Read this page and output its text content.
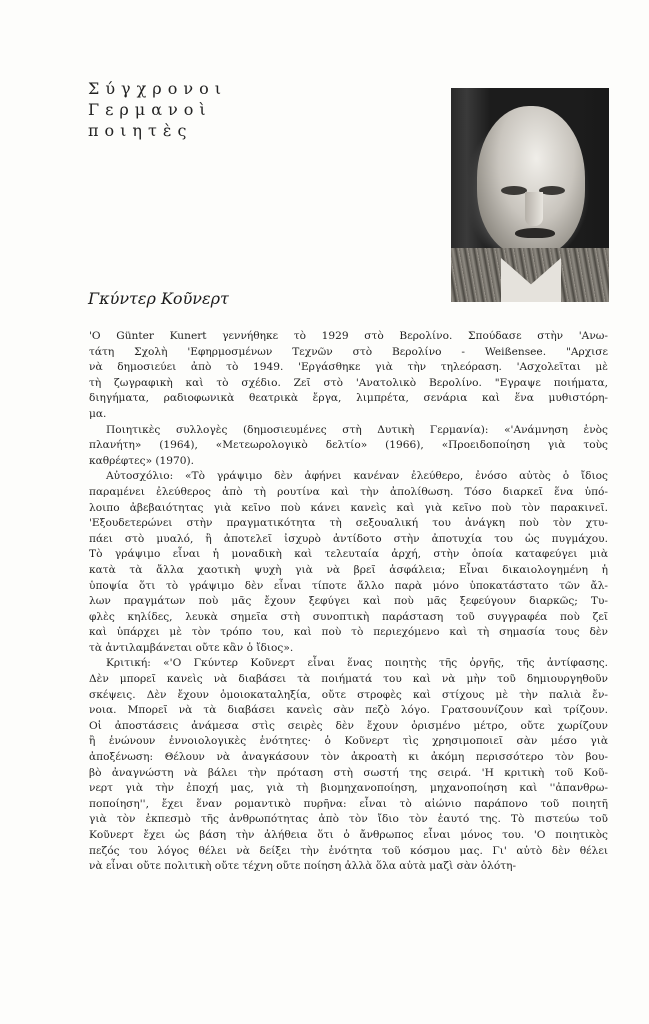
Σύγχρονοι
Γερμανοὶ
ποιητὲς
Γκύντερ Κοῦνερτ
'Ο Günter Kunert γεννήθηκε τὸ 1929 στὸ Βερολίνο. Σπούδασε στὴν 'Ανω-
τάτη Σχολὴ 'Εφηρμοσμένων Τεχνῶν στὸ Βερολίνο - Weißensee. "Αρχισε
νὰ δημοσιεύει ἀπὸ τὸ 1949. 'Εργάσθηκε γιὰ τὴν τηλεόραση. 'Ασχολεῖται μὲ
τὴ ζωγραφικὴ καὶ τὸ σχέδιο. Ζεῖ στὸ 'Ανατολικὸ Βερολίνο. "Εγραψε ποιήματα,
διηγήματα, ραδιοφωνικὰ θεατρικὰ ἔργα, λιμπρέτα, σενάρια καὶ ἕνα μυθιστόρη-
μα.
Ποιητικὲς συλλογὲς (δημοσιευμένες στὴ Δυτικὴ Γερμανία): «'Ανάμνηση ἑνὸς
πλανήτη» (1964), «Μετεωρολογικὸ δελτίο» (1966), «Προειδοποίηση γιὰ τοὺς
καθρέφτες» (1970).
Αὐτοσχόλιο: «Τὸ γράψιμο δὲν ἀφήνει κανέναν ἐλεύθερο, ἐνόσο αὐτὸς ὁ ἴδιος
παραμένει ἐλεύθερος ἀπὸ τὴ ρουτίνα καὶ τὴν ἀπολίθωση. Τόσο διαρκεῖ ἕνα ὑπό-
λοιπο ἀβεβαιότητας γιὰ κεῖνο ποὺ κάνει κανεὶς καὶ γιὰ κεῖνο ποὺ τὸν παρακινεῖ.
'Εξουδετερώνει στὴν πραγματικότητα τὴ σεξουαλική του ἀνάγκη ποὺ τὸν χτυ-
πάει στὸ μυαλό, ἢ ἀποτελεῖ ἰσχυρὸ ἀντίδοτο στὴν ἀποτυχία του ὡς πυγμάχου.
Τὸ γράψιμο εἶναι ἡ μοναδικὴ καὶ τελευταία ἀρχή, στὴν ὁποία καταφεύγει μιὰ
κατὰ τὰ ἄλλα χαοτικὴ ψυχὴ γιὰ νὰ βρεῖ ἀσφάλεια; Εἶναι δικαιολογημένη ἡ
ὑποψία ὅτι τὸ γράψιμο δὲν εἶναι τίποτε ἄλλο παρὰ μόνο ὑποκατάστατο τῶν ἄλ-
λων πραγμάτων ποὺ μᾶς ἔχουν ξεφύγει καὶ ποὺ μᾶς ξεφεύγουν διαρκῶς; Τυ-
φλὲς κηλίδες, λευκὰ σημεῖα στὴ συνοπτικὴ παράσταση τοῦ συγγραφέα ποὺ ζεῖ
καὶ ὑπάρχει μὲ τὸν τρόπο του, καὶ ποὺ τὸ περιεχόμενο καὶ τὴ σημασία τους δὲν
τὰ ἀντιλαμβάνεται οὔτε κἂν ὁ ἴδιος».
Κριτική: «'Ο Γκύντερ Κοῦνερτ εἶναι ἕνας ποιητὴς τῆς ὀργῆς, τῆς ἀντίφασης.
Δὲν μπορεῖ κανεὶς νὰ διαβάσει τὰ ποιήματά του καὶ νὰ μὴν τοῦ δημιουργηθοῦν
σκέψεις. Δὲν ἔχουν ὁμοιοκαταληξία, οὔτε στροφὲς καὶ στίχους μὲ τὴν παλιὰ ἔν-
νοια. Μπορεῖ νὰ τὰ διαβάσει κανεὶς σὰν πεζὸ λόγο. Γρατσουνίζουν καὶ τρίζουν.
Οἱ ἀποστάσεις ἀνάμεσα στὶς σειρὲς δὲν ἔχουν ὁρισμένο μέτρο, οὔτε χωρίζουν
ἢ ἑνώνουν ἐννοιολογικὲς ἑνότητες· ὁ Κοῦνερτ τὶς χρησιμοποιεῖ σὰν μέσο γιὰ
ἀποξένωση: Θέλουν νὰ ἀναγκάσουν τὸν ἀκροατὴ κι ἀκόμη περισσότερο τὸν βου-
βὸ ἀναγνώστη νὰ βάλει τὴν πρόταση στὴ σωστή της σειρά. 'Η κριτικὴ τοῦ Κοῦ-
νερτ γιὰ τὴν ἐποχή μας, γιὰ τὴ βιομηχανοποίηση, μηχανοποίηση καὶ ''ἀπανθρω-
ποποίηση'', ἔχει ἕναν ρομαντικὸ πυρῆνα: εἶναι τὸ αἰώνιο παράπονο τοῦ ποιητῆ
γιὰ τὸν ἐκπεσμὸ τῆς ἀνθρωπότητας ἀπὸ τὸν ἴδιο τὸν ἑαυτό της. Τὸ πιστεύω τοῦ
Κοῦνερτ ἔχει ὡς βάση τὴν ἀλήθεια ὅτι ὁ ἄνθρωπος εἶναι μόνος του. 'Ο ποιητικὸς
πεζός του λόγος θέλει νὰ δείξει τὴν ἑνότητα τοῦ κόσμου μας. Γι' αὐτὸ δὲν θέλει
νὰ εἶναι οὔτε πολιτικὴ οὔτε τέχνη οὔτε ποίηση ἀλλὰ ὅλα αὐτὰ μαζὶ σὰν ὁλότη-
